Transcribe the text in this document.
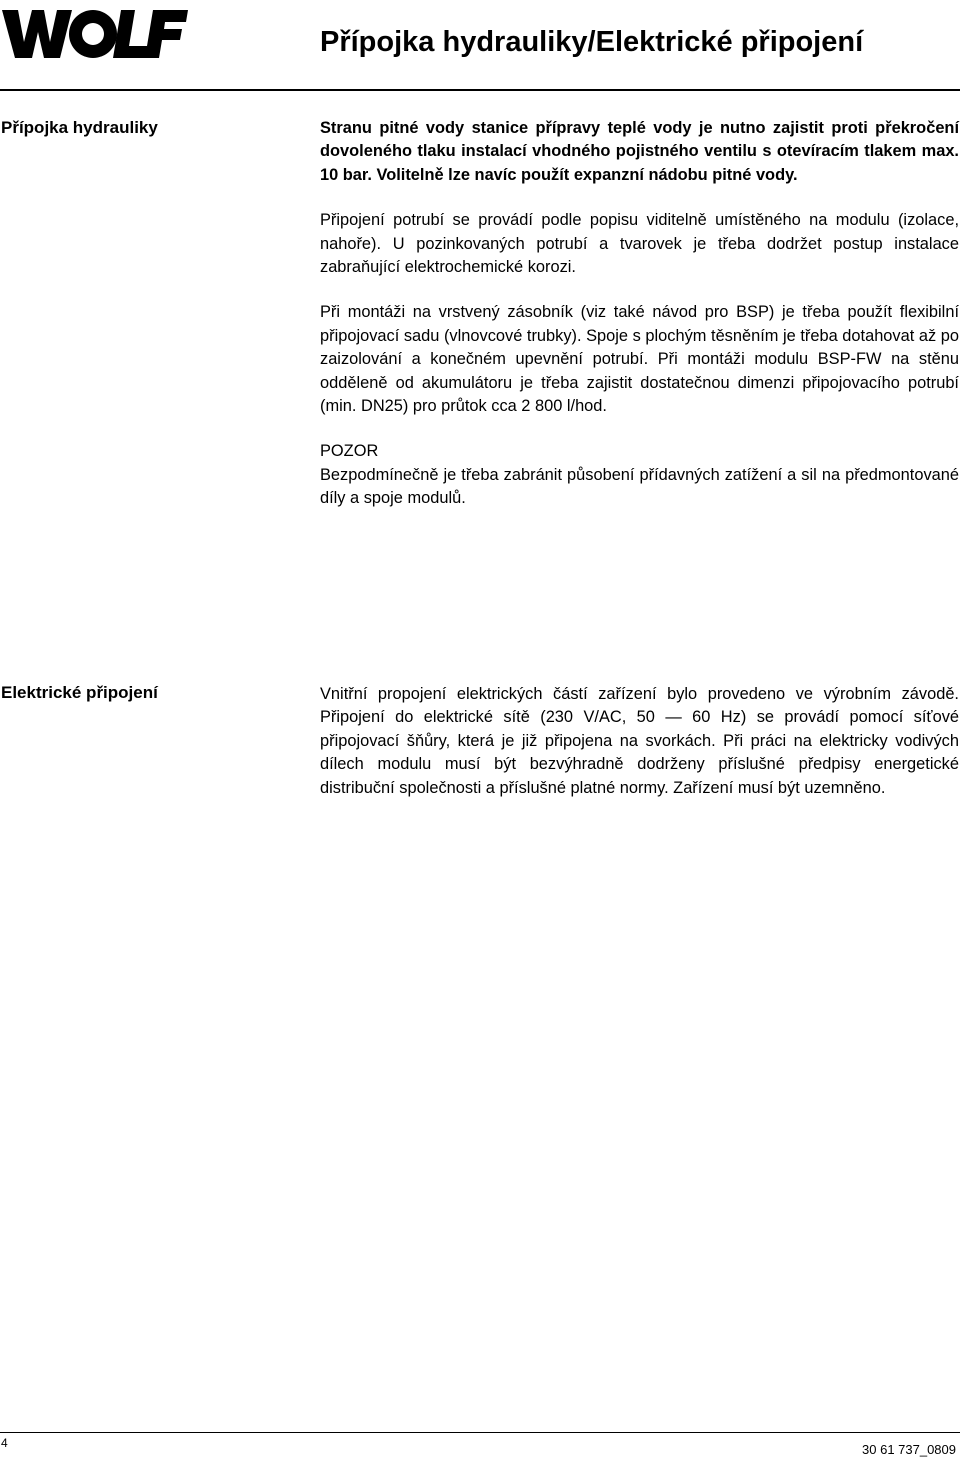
Přípojka hydrauliky/Elektrické připojení
Přípojka hydrauliky	Stranu pitné vody stanice přípravy teplé vody je nutno zajistit proti překročení dovoleného tlaku instalací vhodného pojistného ventilu s otevíracím tlakem max. 10 bar. Volitelně lze navíc použít expanzní nádobu pitné vody.

Připojení potrubí se provádí podle popisu viditelně umístěného na modulu (izolace, nahoře). U pozinkovaných potrubí a tvarovek je třeba dodržet postup instalace zabraňující elektrochemické korozi.

Při montáži na vrstvený zásobník (viz také návod pro BSP) je třeba použít flexibilní připojovací sadu (vlnovcové trubky). Spoje s plochým těsněním je třeba dotahovat až po zaizolování a konečném upevnění potrubí. Při montáži modulu BSP-FW na stěnu odděleně od akumulátoru je třeba zajistit dostatečnou dimenzi připojovacího potrubí (min. DN25) pro průtok cca 2 800 l/hod.

POZOR

Bezpodmínečně je třeba zabránit působení přídavných zatížení a sil na předmontované díly a spoje modulů.

Elektrické připojení	Vnitřní propojení elektrických částí zařízení bylo provedeno ve výrobním závodě. Připojení do elektrické sítě (230 V/AC, 50 — 60 Hz) se provádí pomocí síťové připojovací šňůry, která je již připojena na svorkách. Při práci na elektricky vodivých dílech modulu musí být bezvýhradně dodrženy příslušné předpisy energetické distribuční společnosti a příslušné platné normy. Zařízení musí být uzemněno.

4	30 61 737_0809
